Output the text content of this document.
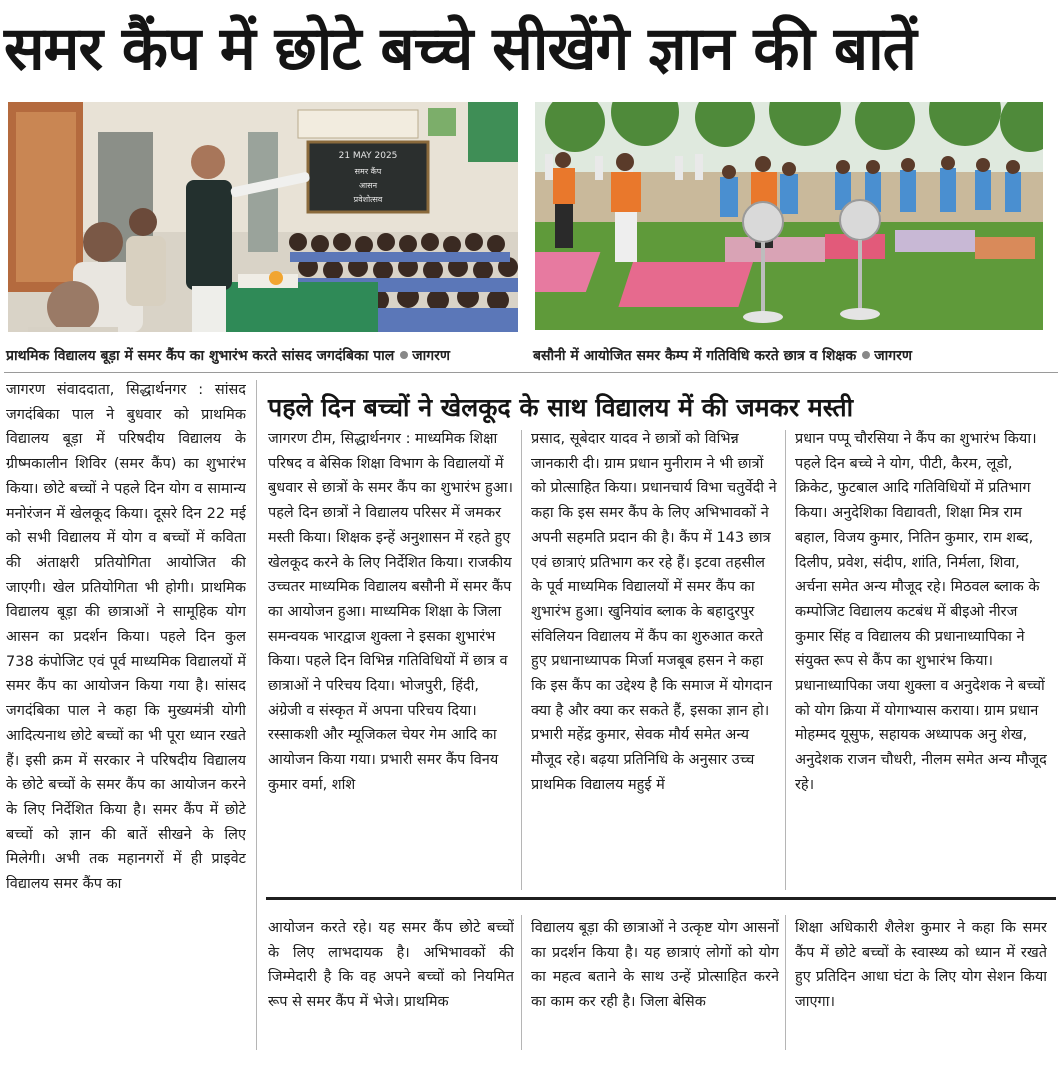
समर कैंप में छोटे बच्चे सीखेंगे ज्ञान की बातें
21 MAY 2025
समर कैंप
आसन
प्रवेशोत्सव
प्राथमिक विद्यालय बूड़ा में समर कैंप का शुभारंभ करते सांसद जगदंबिका पाल जागरण	बसौनी में आयोजित समर कैम्प में गतिविधि करते छात्र व शिक्षक जागरण
पहले दिन बच्चों ने खेलकूद के साथ विद्यालय में की जमकर मस्ती

जागरण संवाददाता, सिद्धार्थनगर : सांसद जगदंबिका पाल ने बुधवार को प्राथमिक विद्यालय बूड़ा में परिषदीय विद्यालय के ग्रीष्मकालीन शिविर (समर कैंप) का शुभारंभ किया। छोटे बच्चों ने पहले दिन योग व सामान्य मनोरंजन में खेलकूद किया। दूसरे दिन 22 मई को सभी विद्यालय में योग व बच्चों में कविता की अंताक्षरी प्रतियोगिता आयोजित की जाएगी। खेल प्रतियोगिता भी होगी। प्राथमिक विद्यालय बूड़ा की छात्राओं ने सामूहिक योग आसन का प्रदर्शन किया। पहले दिन कुल 738 कंपोजिट एवं पूर्व माध्यमिक विद्यालयों में समर कैंप का आयोजन किया गया है। सांसद जगदंबिका पाल ने कहा कि मुख्यमंत्री योगी आदित्यनाथ छोटे बच्चों का भी पूरा ध्यान रखते हैं। इसी क्रम में सरकार ने परिषदीय विद्यालय के छोटे बच्चों के समर कैंप का आयोजन करने के लिए निर्देशित किया है। समर कैंप में छोटे बच्चों को ज्ञान की बातें सीखने के लिए मिलेगी। अभी तक महानगरों में ही प्राइवेट विद्यालय समर कैंप का

जागरण टीम, सिद्धार्थनगर : माध्यमिक शिक्षा परिषद व बेसिक शिक्षा विभाग के विद्यालयों में बुधवार से छात्रों के समर कैंप का शुभारंभ हुआ। पहले दिन छात्रों ने विद्यालय परिसर में जमकर मस्ती किया। शिक्षक इन्हें अनुशासन में रहते हुए खेलकूद करने के लिए निर्देशित किया। राजकीय उच्चतर माध्यमिक विद्यालय बसौनी में समर कैंप का आयोजन हुआ। माध्यमिक शिक्षा के जिला समन्वयक भारद्वाज शुक्ला ने इसका शुभारंभ किया। पहले दिन विभिन्न गतिविधियों में छात्र व छात्राओं ने परिचय दिया। भोजपुरी, हिंदी, अंग्रेजी व संस्कृत में अपना परिचय दिया। रस्साकशी और म्यूजिकल चेयर गेम आदि का आयोजन किया गया। प्रभारी समर कैंप विनय कुमार वर्मा, शशि

प्रसाद, सूबेदार यादव ने छात्रों को विभिन्न जानकारी दी। ग्राम प्रधान मुनीराम ने भी छात्रों को प्रोत्साहित किया। प्रधानचार्य विभा चतुर्वेदी ने कहा कि इस समर कैंप के लिए अभिभावकों ने अपनी सहमति प्रदान की है। कैंप में 143 छात्र एवं छात्राएं प्रतिभाग कर रहे हैं। इटवा तहसील के पूर्व माध्यमिक विद्यालयों में समर कैंप का शुभारंभ हुआ। खुनियांव ब्लाक के बहादुरपुर संविलियन विद्यालय में कैंप का शुरुआत करते हुए प्रधानाध्यापक मिर्जा मजबूब हसन ने कहा कि इस कैंप का उद्देश्य है कि समाज में योगदान क्या है और क्या कर सकते हैं, इसका ज्ञान हो। प्रभारी महेंद्र कुमार, सेवक मौर्य समेत अन्य मौजूद रहे। बढ़या प्रतिनिधि के अनुसार उच्च प्राथमिक विद्यालय महुई में

प्रधान पप्पू चौरसिया ने कैंप का शुभारंभ किया। पहले दिन बच्चे ने योग, पीटी, कैरम, लूडो, क्रिकेट, फुटबाल आदि गतिविधियों में प्रतिभाग किया। अनुदेशिका विद्यावती, शिक्षा मित्र राम बहाल, विजय कुमार, नितिन कुमार, राम शब्द, दिलीप, प्रवेश, संदीप, शांति, निर्मला, शिवा, अर्चना समेत अन्य मौजूद रहे। मिठवल ब्लाक के कम्पोजिट विद्यालय कटबंध में बीइओ नीरज कुमार सिंह व विद्यालय की प्रधानाध्यापिका ने संयुक्त रूप से कैंप का शुभारंभ किया। प्रधानाध्यापिका जया शुक्ला व अनुदेशक ने बच्चों को योग क्रिया में योगाभ्यास कराया। ग्राम प्रधान मोहम्मद यूसुफ, सहायक अध्यापक अनु शेख, अनुदेशक राजन चौधरी, नीलम समेत अन्य मौजूद रहे।

आयोजन करते रहे। यह समर कैंप छोटे बच्चों के लिए लाभदायक है। अभिभावकों की जिम्मेदारी है कि वह अपने बच्चों को नियमित रूप से समर कैंप में भेजे। प्राथमिक

विद्यालय बूड़ा की छात्राओं ने उत्कृष्ट योग आसनों का प्रदर्शन किया है। यह छात्राएं लोगों को योग का महत्व बताने के साथ उन्हें प्रोत्साहित करने का काम कर रही है। जिला बेसिक

शिक्षा अधिकारी शैलेश कुमार ने कहा कि समर कैंप में छोटे बच्चों के स्वास्थ्य को ध्यान में रखते हुए प्रतिदिन आधा घंटा के लिए योग सेशन किया जाएगा।
